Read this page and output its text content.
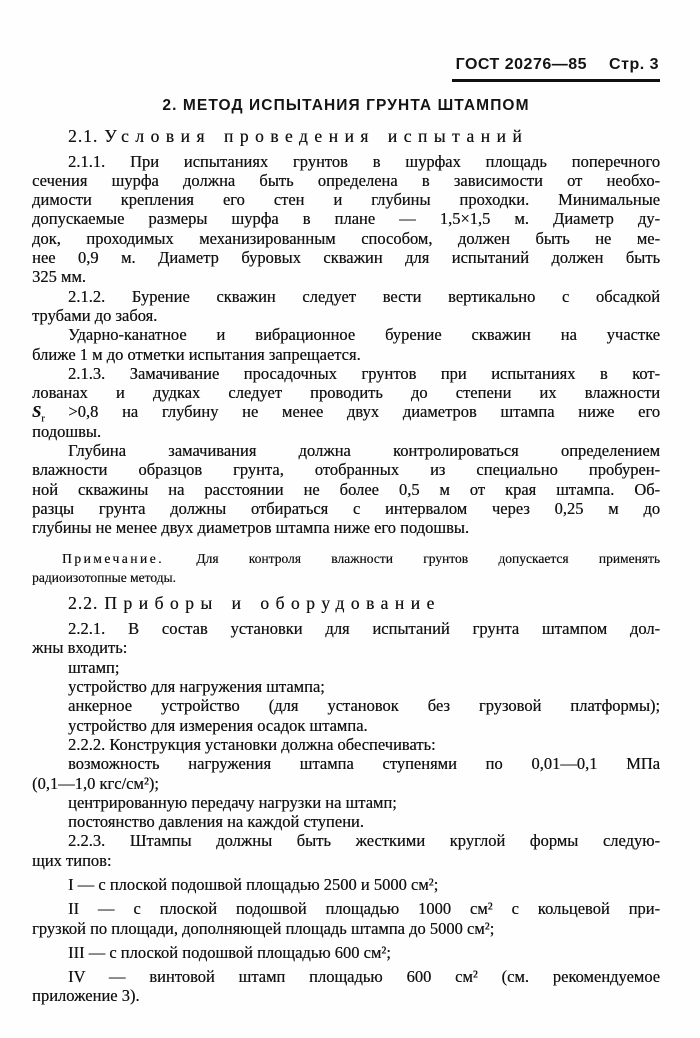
ГОСТ 20276—85 Стр. 3
2. МЕТОД ИСПЫТАНИЯ ГРУНТА ШТАМПОМ
2.1. Условия проведения испытаний
2.1.1. При испытаниях грунтов в шурфах площадь поперечного
сечения шурфа должна быть определена в зависимости от необхо-
димости крепления его стен и глубины проходки. Минимальные
допускаемые размеры шурфа в плане — 1,5×1,5 м. Диаметр ду-
док, проходимых механизированным способом, должен быть не ме-
нее 0,9 м. Диаметр буровых скважин для испытаний должен быть
325 мм.
2.1.2. Бурение скважин следует вести вертикально с обсадкой
трубами до забоя.
Ударно-канатное и вибрационное бурение скважин на участке
ближе 1 м до отметки испытания запрещается.
2.1.3. Замачивание просадочных грунтов при испытаниях в кот-
лованах и дудках следует проводить до степени их влажности
$S_r >0,8$ на глубину не менее двух диаметров штампа ниже его
подошвы.
Глубина замачивания должна контролироваться определением
влажности образцов грунта, отобранных из специально пробурен-
ной скважины на расстоянии не более 0,5 м от края штампа. Об-
разцы грунта должны отбираться с интервалом через 0,25 м до
глубины не менее двух диаметров штампа ниже его подошвы.
Примечание. Для контроля влажности грунтов допускается применять
радиоизотопные методы.
2.2. Приборы и оборудование
2.2.1. В состав установки для испытаний грунта штампом дол-
жны входить:
штамп;
устройство для нагружения штампа;
анкерное устройство (для установок без грузовой платформы);
устройство для измерения осадок штампа.
2.2.2. Конструкция установки должна обеспечивать:
возможность нагружения штампа ступенями по 0,01—0,1 МПа
(0,1—1,0 кгс/см²);
центрированную передачу нагрузки на штамп;
постоянство давления на каждой ступени.
2.2.3. Штампы должны быть жесткими круглой формы следую-
щих типов:
I — с плоской подошвой площадью 2500 и 5000 см²;
II — с плоской подошвой площадью 1000 см² с кольцевой при-
грузкой по площади, дополняющей площадь штампа до 5000 см²;
III — с плоской подошвой площадью 600 см²;
IV — винтовой штамп площадью 600 см² (см. рекомендуемое
приложение 3).
